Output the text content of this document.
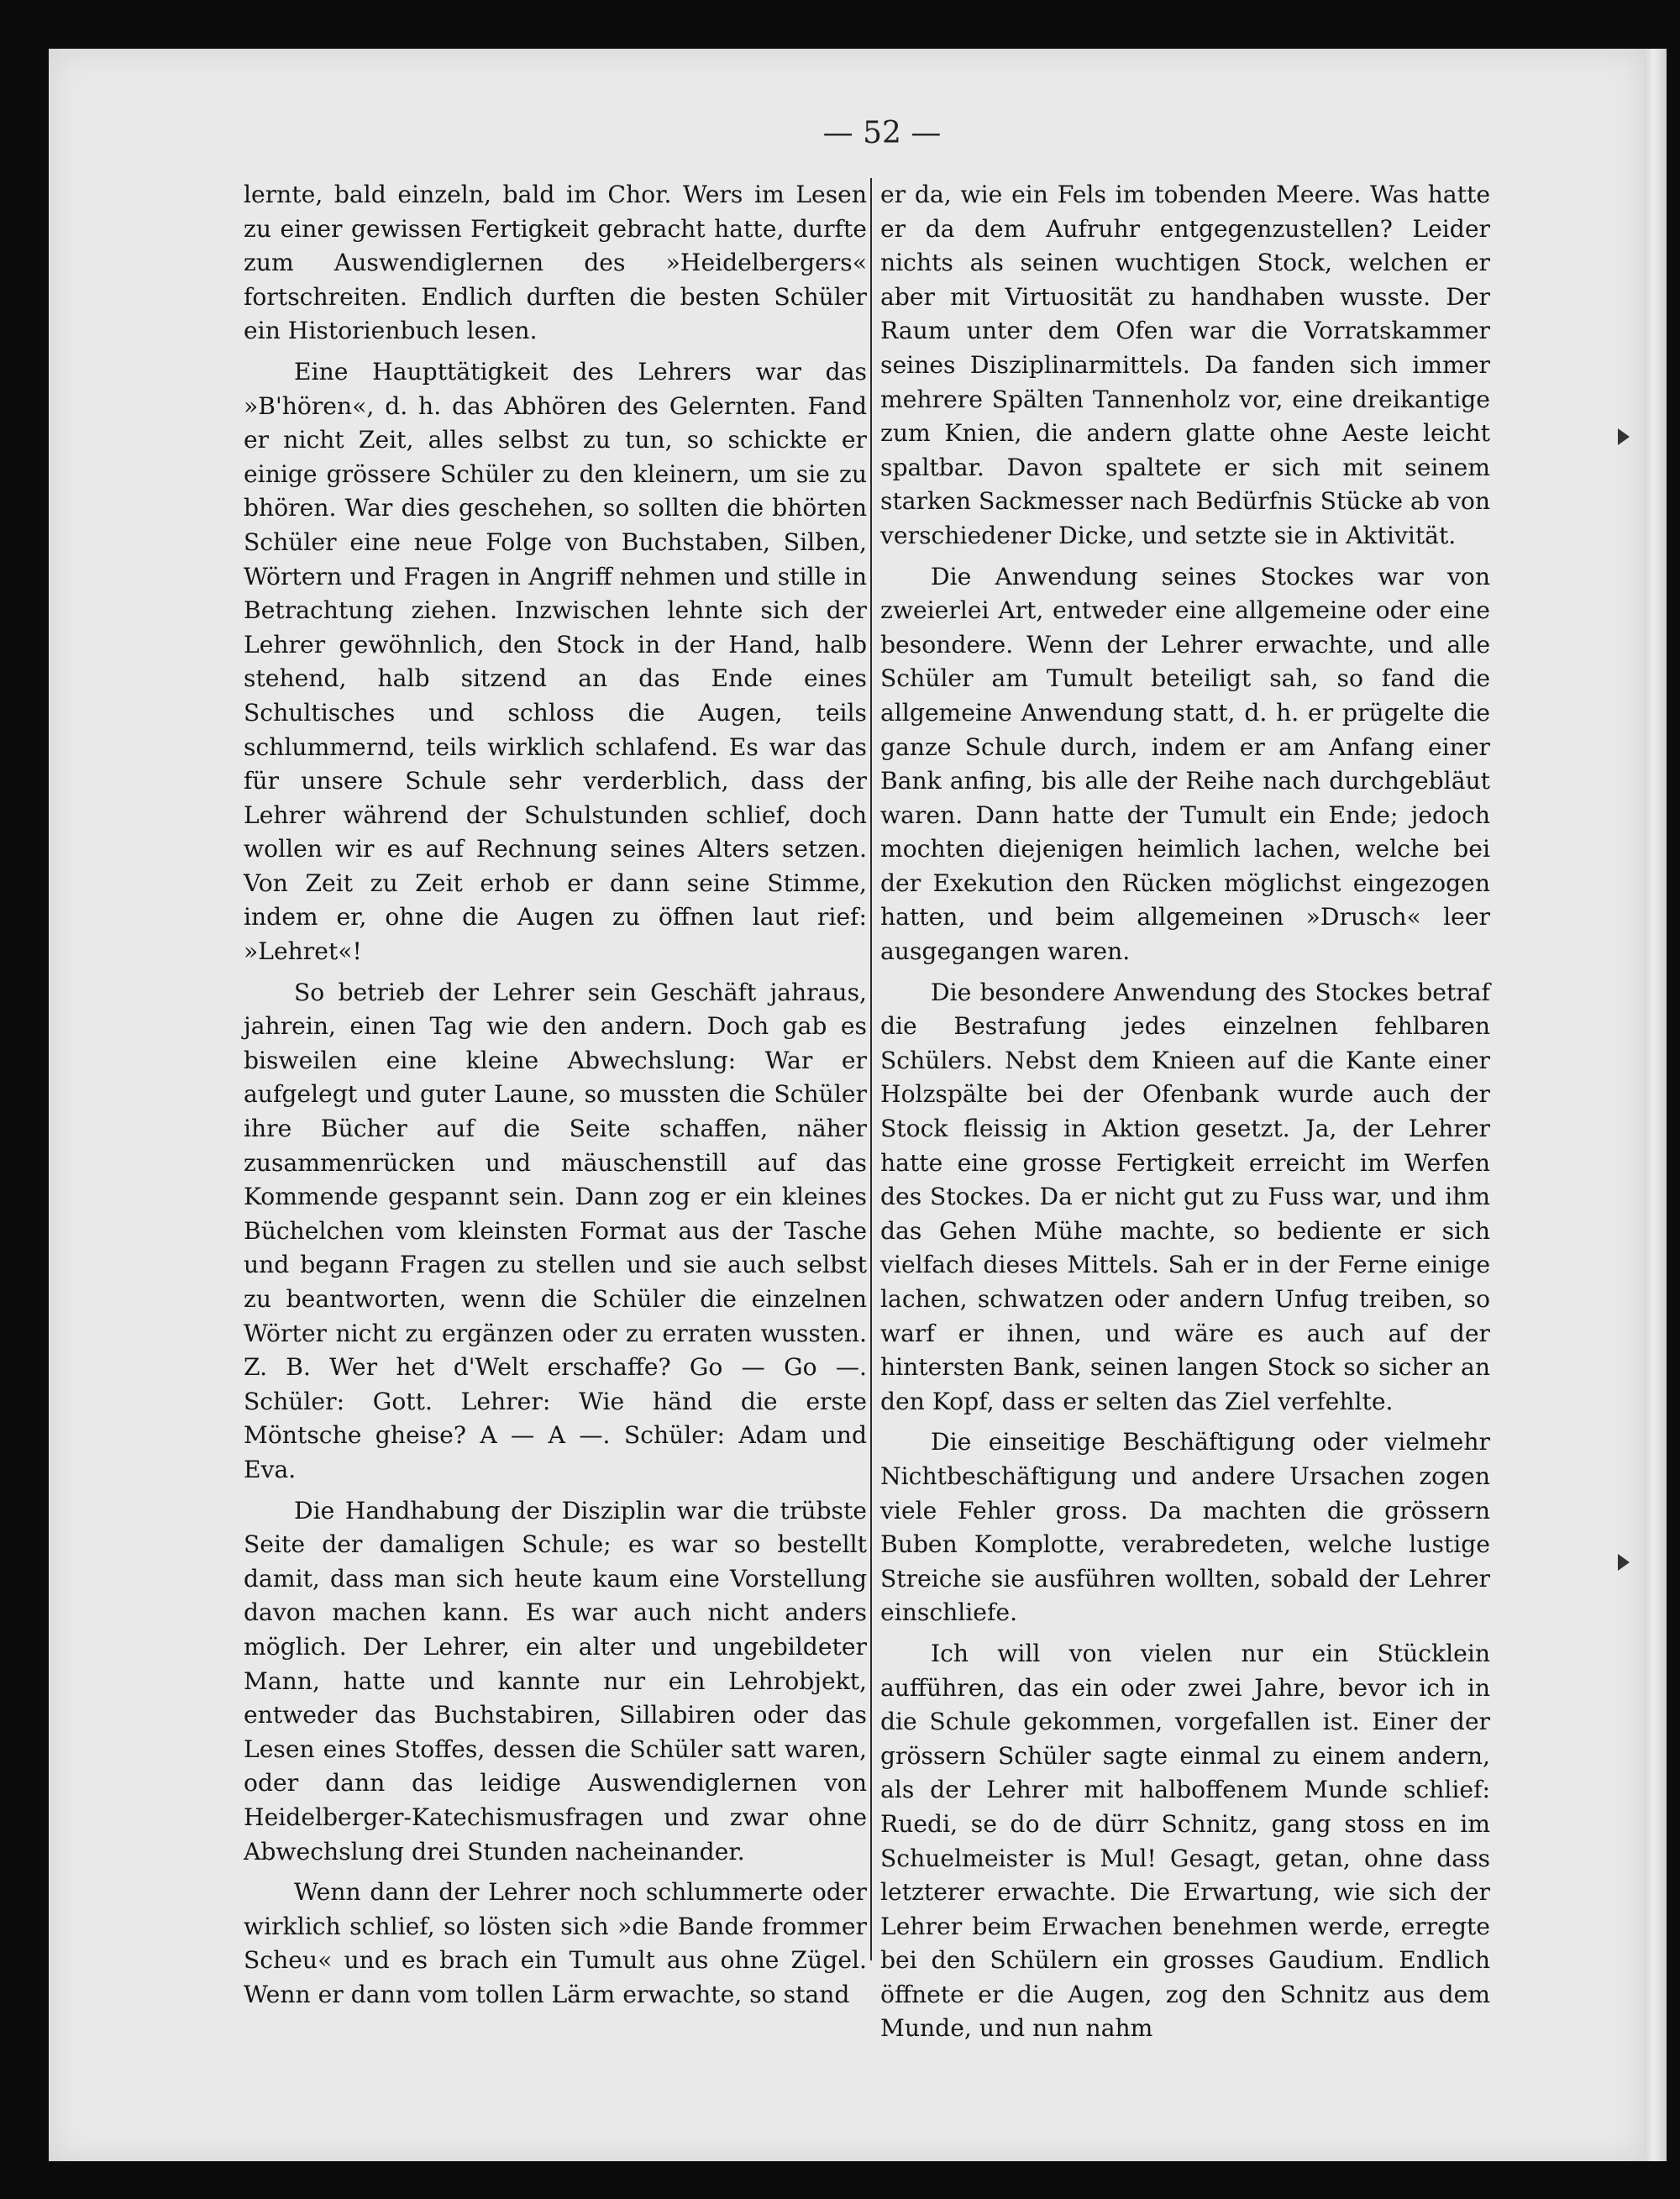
— 52 —

lernte, bald einzeln, bald im Chor. Wers im Lesen zu einer gewissen Fertigkeit gebracht hatte, durfte zum Auswendiglernen des »Heidelbergers« fortschreiten. Endlich durften die besten Schüler ein Historienbuch lesen.

Eine Haupttätigkeit des Lehrers war das »B'hören«, d. h. das Abhören des Gelernten. Fand er nicht Zeit, alles selbst zu tun, so schickte er einige grössere Schüler zu den kleinern, um sie zu bhören. War dies geschehen, so sollten die bhörten Schüler eine neue Folge von Buchstaben, Silben, Wörtern und Fragen in Angriff nehmen und stille in Betrachtung ziehen. Inzwischen lehnte sich der Lehrer gewöhnlich, den Stock in der Hand, halb stehend, halb sitzend an das Ende eines Schultisches und schloss die Augen, teils schlummernd, teils wirklich schlafend. Es war das für unsere Schule sehr verderblich, dass der Lehrer während der Schulstunden schlief, doch wollen wir es auf Rechnung seines Alters setzen. Von Zeit zu Zeit erhob er dann seine Stimme, indem er, ohne die Augen zu öffnen laut rief: »Lehret«!

So betrieb der Lehrer sein Geschäft jahraus, jahrein, einen Tag wie den andern. Doch gab es bisweilen eine kleine Abwechslung: War er aufgelegt und guter Laune, so mussten die Schüler ihre Bücher auf die Seite schaffen, näher zusammenrücken und mäuschenstill auf das Kommende gespannt sein. Dann zog er ein kleines Büchelchen vom kleinsten Format aus der Tasche und begann Fragen zu stellen und sie auch selbst zu beantworten, wenn die Schüler die einzelnen Wörter nicht zu ergänzen oder zu erraten wussten. Z. B. Wer het d'Welt erschaffe? Go — Go —. Schüler: Gott. Lehrer: Wie händ die erste Möntsche gheise? A — A —. Schüler: Adam und Eva.

Die Handhabung der Disziplin war die trübste Seite der damaligen Schule; es war so bestellt damit, dass man sich heute kaum eine Vorstellung davon machen kann. Es war auch nicht anders möglich. Der Lehrer, ein alter und ungebildeter Mann, hatte und kannte nur ein Lehrobjekt, entweder das Buchstabiren, Sillabiren oder das Lesen eines Stoffes, dessen die Schüler satt waren, oder dann das leidige Auswendiglernen von Heidelberger-Katechismusfragen und zwar ohne Abwechslung drei Stunden nacheinander.

Wenn dann der Lehrer noch schlummerte oder wirklich schlief, so lösten sich »die Bande frommer Scheu« und es brach ein Tumult aus ohne Zügel. Wenn er dann vom tollen Lärm erwachte, so stand

er da, wie ein Fels im tobenden Meere. Was hatte er da dem Aufruhr entgegenzustellen? Leider nichts als seinen wuchtigen Stock, welchen er aber mit Virtuosität zu handhaben wusste. Der Raum unter dem Ofen war die Vorratskammer seines Disziplinarmittels. Da fanden sich immer mehrere Spälten Tannenholz vor, eine dreikantige zum Knien, die andern glatte ohne Aeste leicht spaltbar. Davon spaltete er sich mit seinem starken Sackmesser nach Bedürfnis Stücke ab von verschiedener Dicke, und setzte sie in Aktivität.

Die Anwendung seines Stockes war von zweierlei Art, entweder eine allgemeine oder eine besondere. Wenn der Lehrer erwachte, und alle Schüler am Tumult beteiligt sah, so fand die allgemeine Anwendung statt, d. h. er prügelte die ganze Schule durch, indem er am Anfang einer Bank anfing, bis alle der Reihe nach durchgebläut waren. Dann hatte der Tumult ein Ende; jedoch mochten diejenigen heimlich lachen, welche bei der Exekution den Rücken möglichst eingezogen hatten, und beim allgemeinen »Drusch« leer ausgegangen waren.

Die besondere Anwendung des Stockes betraf die Bestrafung jedes einzelnen fehlbaren Schülers. Nebst dem Knieen auf die Kante einer Holzspälte bei der Ofenbank wurde auch der Stock fleissig in Aktion gesetzt. Ja, der Lehrer hatte eine grosse Fertigkeit erreicht im Werfen des Stockes. Da er nicht gut zu Fuss war, und ihm das Gehen Mühe machte, so bediente er sich vielfach dieses Mittels. Sah er in der Ferne einige lachen, schwatzen oder andern Unfug treiben, so warf er ihnen, und wäre es auch auf der hintersten Bank, seinen langen Stock so sicher an den Kopf, dass er selten das Ziel verfehlte.

Die einseitige Beschäftigung oder vielmehr Nichtbeschäftigung und andere Ursachen zogen viele Fehler gross. Da machten die grössern Buben Komplotte, verabredeten, welche lustige Streiche sie ausführen wollten, sobald der Lehrer einschliefe.

Ich will von vielen nur ein Stücklein aufführen, das ein oder zwei Jahre, bevor ich in die Schule gekommen, vorgefallen ist. Einer der grössern Schüler sagte einmal zu einem andern, als der Lehrer mit halboffenem Munde schlief: Ruedi, se do de dürr Schnitz, gang stoss en im Schuelmeister is Mul! Gesagt, getan, ohne dass letzterer erwachte. Die Erwartung, wie sich der Lehrer beim Erwachen benehmen werde, erregte bei den Schülern ein grosses Gaudium. Endlich öffnete er die Augen, zog den Schnitz aus dem Munde, und nun nahm
